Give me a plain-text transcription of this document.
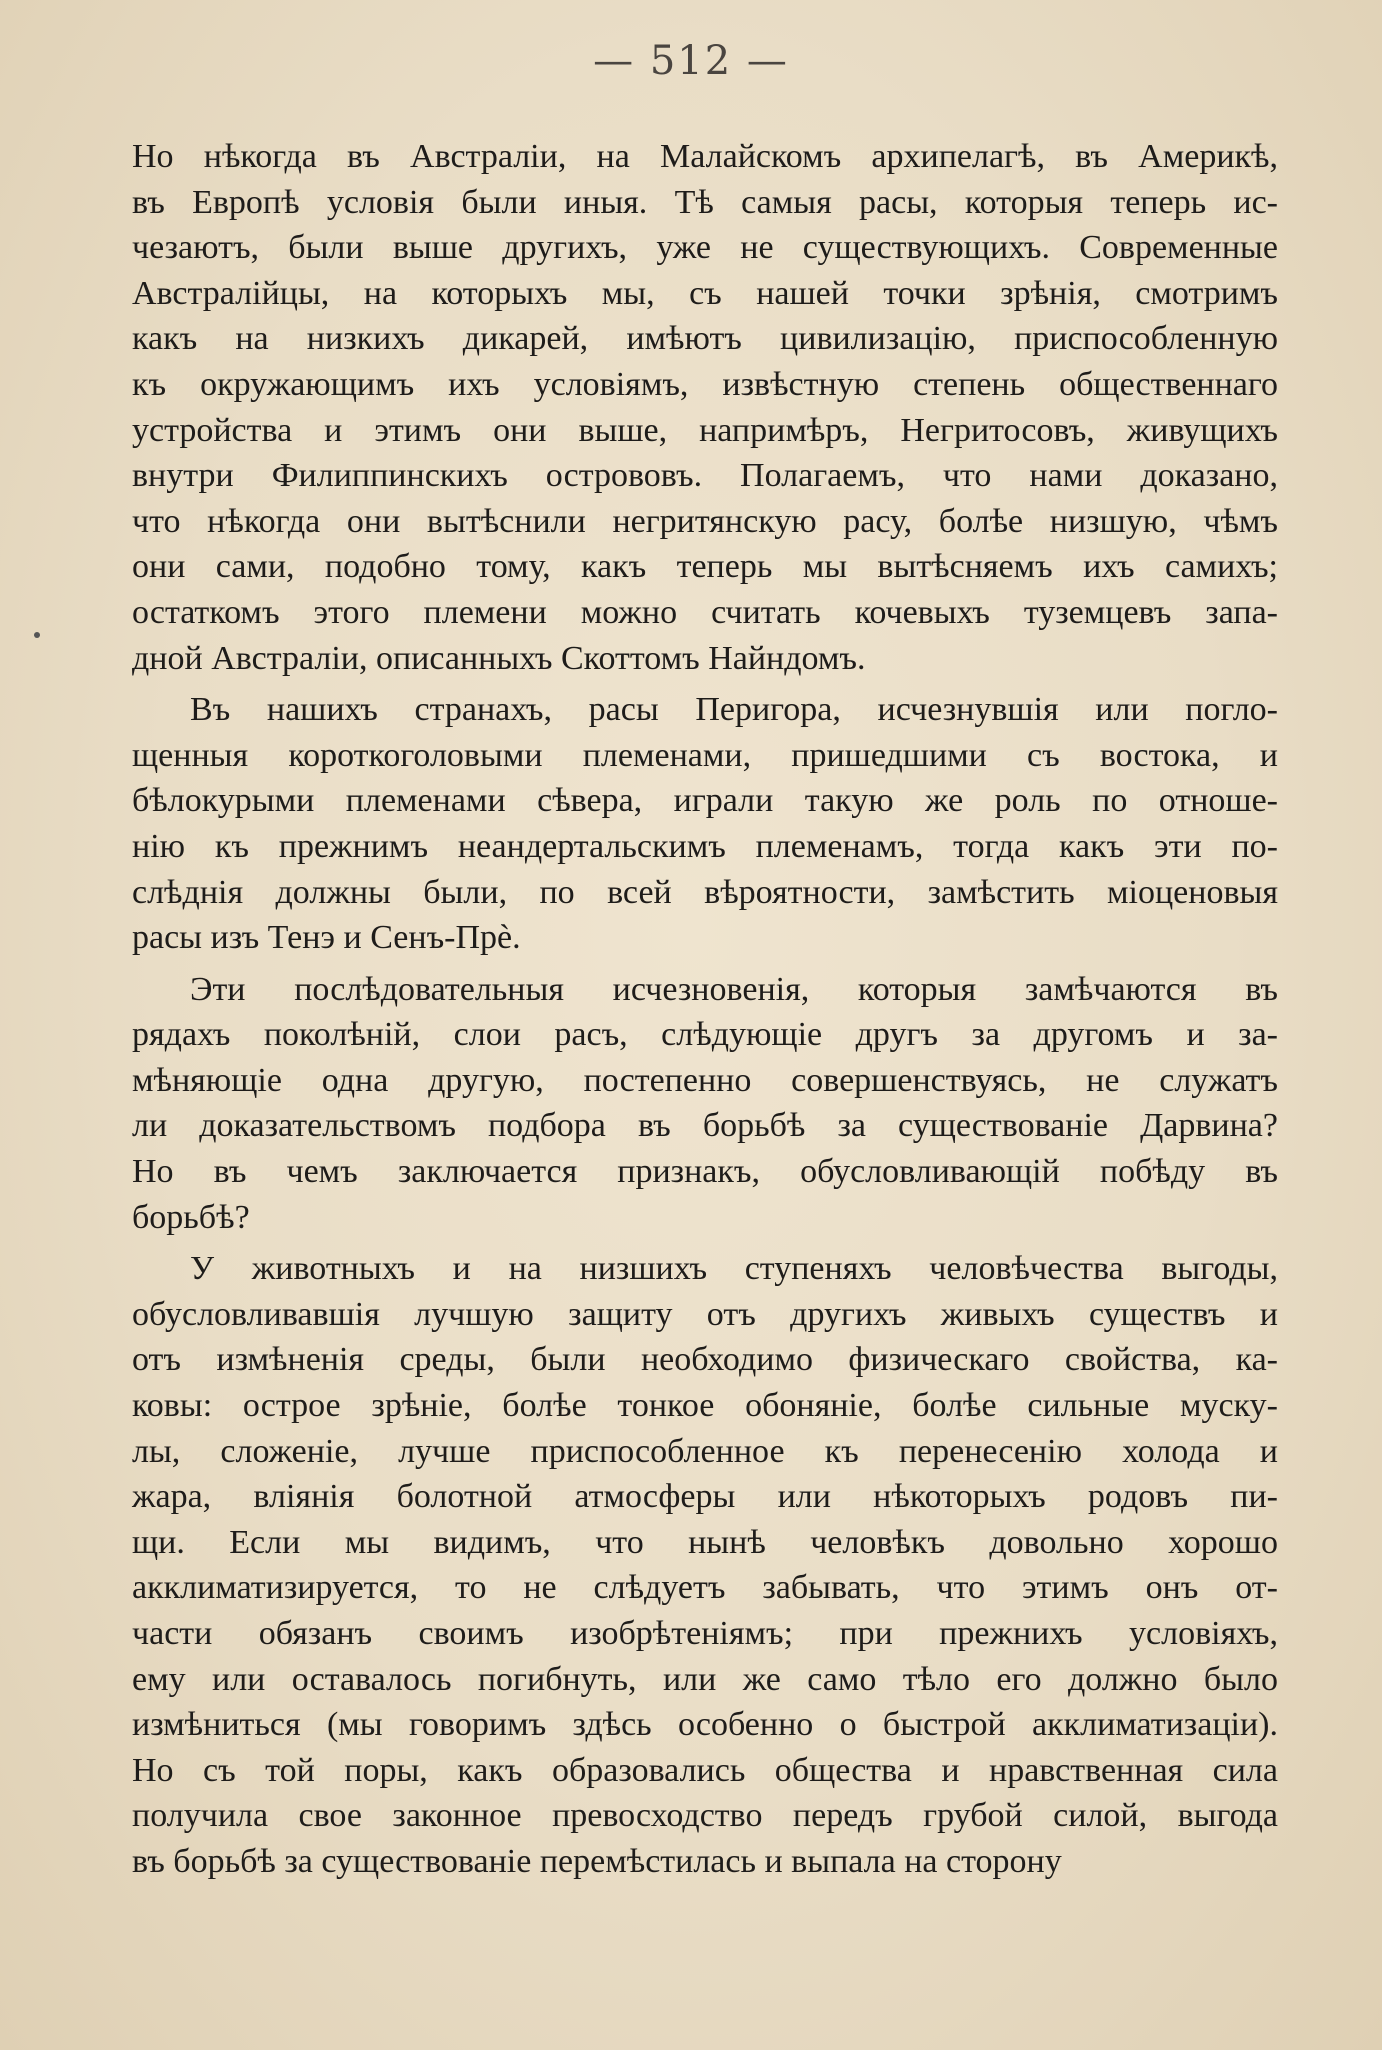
— 512 —
Но нѣкогда въ Австраліи, на Малайскомъ архипелагѣ, въ Америкѣ,
въ Европѣ условія были иныя. Тѣ самыя расы, которыя теперь ис-
чезаютъ, были выше другихъ, уже не существующихъ. Современные
Австралійцы, на которыхъ мы, съ нашей точки зрѣнія, смотримъ
какъ на низкихъ дикарей, имѣютъ цивилизацію, приспособленную
къ окружающимъ ихъ условіямъ, извѣстную степень общественнаго
устройства и этимъ они выше, напримѣръ, Негритосовъ, живущихъ
внутри Филиппинскихъ острововъ. Полагаемъ, что нами доказано,
что нѣкогда они вытѣснили негритянскую расу, болѣе низшую, чѣмъ
они сами, подобно тому, какъ теперь мы вытѣсняемъ ихъ самихъ;
остаткомъ этого племени можно считать кочевыхъ туземцевъ запа-
дной Австраліи, описанныхъ Скоттомъ Найндомъ.
Въ нашихъ странахъ, расы Перигора, исчезнувшія или погло-
щенныя короткоголовыми племенами, пришедшими съ востока, и
бѣлокурыми племенами сѣвера, играли такую же роль по отноше-
нію къ прежнимъ неандертальскимъ племенамъ, тогда какъ эти по-
слѣднія должны были, по всей вѣроятности, замѣстить міоценовыя
расы изъ Тенэ и Сенъ-Прѐ.
Эти послѣдовательныя исчезновенія, которыя замѣчаются въ
рядахъ поколѣній, слои расъ, слѣдующіе другъ за другомъ и за-
мѣняющіе одна другую, постепенно совершенствуясь, не служатъ
ли доказательствомъ подбора въ борьбѣ за существованіе Дарвина?
Но въ чемъ заключается признакъ, обусловливающій побѣду въ
борьбѣ?
У животныхъ и на низшихъ ступеняхъ человѣчества выгоды,
обусловливавшія лучшую защиту отъ другихъ живыхъ существъ и
отъ измѣненія среды, были необходимо физическаго свойства, ка-
ковы: острое зрѣніе, болѣе тонкое обоняніе, болѣе сильные муску-
лы, сложеніе, лучше приспособленное къ перенесенію холода и
жара, вліянія болотной атмосферы или нѣкоторыхъ родовъ пи-
щи. Если мы видимъ, что нынѣ человѣкъ довольно хорошо
акклиматизируется, то не слѣдуетъ забывать, что этимъ онъ от-
части обязанъ своимъ изобрѣтеніямъ; при прежнихъ условіяхъ,
ему или оставалось погибнуть, или же само тѣло его должно было
измѣниться (мы говоримъ здѣсь особенно о быстрой акклиматизаціи).
Но съ той поры, какъ образовались общества и нравственная сила
получила свое законное превосходство передъ грубой силой, выгода
въ борьбѣ за существованіе перемѣстилась и выпала на сторону
